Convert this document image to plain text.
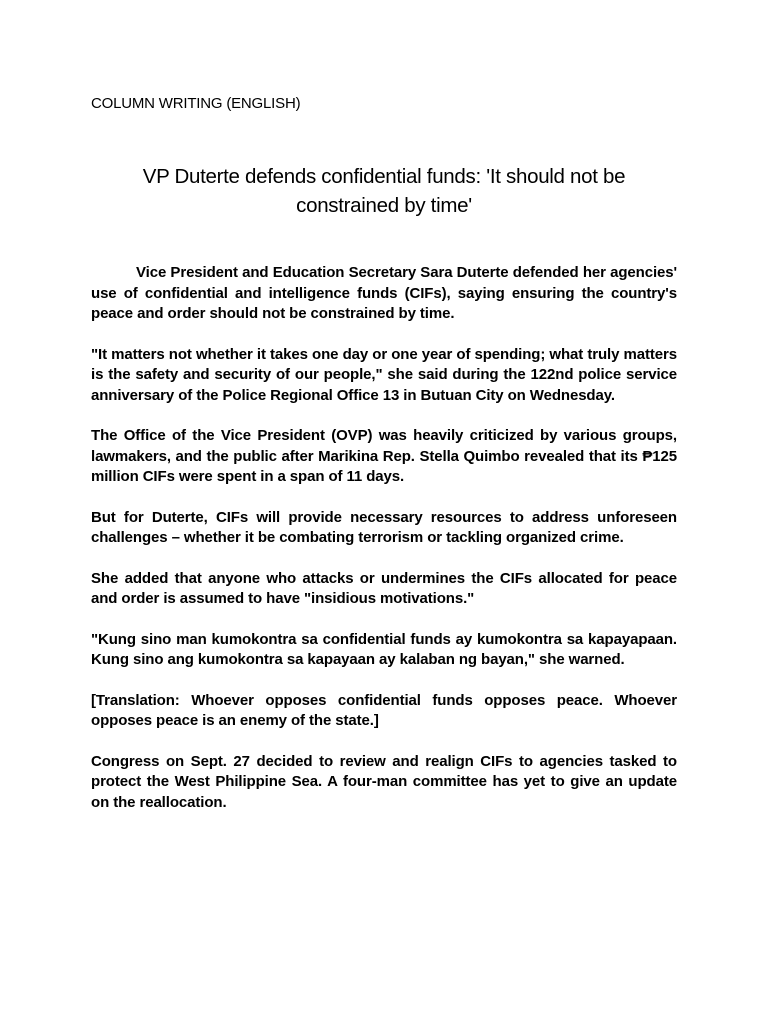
COLUMN WRITING (ENGLISH)

VP Duterte defends confidential funds: 'It should not be constrained by time'

Vice President and Education Secretary Sara Duterte defended her agencies' use of confidential and intelligence funds (CIFs), saying ensuring the country's peace and order should not be constrained by time.

"It matters not whether it takes one day or one year of spending; what truly matters is the safety and security of our people," she said during the 122nd police service anniversary of the Police Regional Office 13 in Butuan City on Wednesday.

The Office of the Vice President (OVP) was heavily criticized by various groups, lawmakers, and the public after Marikina Rep. Stella Quimbo revealed that its ₱125 million CIFs were spent in a span of 11 days.

But for Duterte, CIFs will provide necessary resources to address unforeseen challenges – whether it be combating terrorism or tackling organized crime.

She added that anyone who attacks or undermines the CIFs allocated for peace and order is assumed to have "insidious motivations."

"Kung sino man kumokontra sa confidential funds ay kumokontra sa kapayapaan. Kung sino ang kumokontra sa kapayaan ay kalaban ng bayan," she warned.

[Translation: Whoever opposes confidential funds opposes peace. Whoever opposes peace is an enemy of the state.]

Congress on Sept. 27 decided to review and realign CIFs to agencies tasked to protect the West Philippine Sea. A four-man committee has yet to give an update on the reallocation.
